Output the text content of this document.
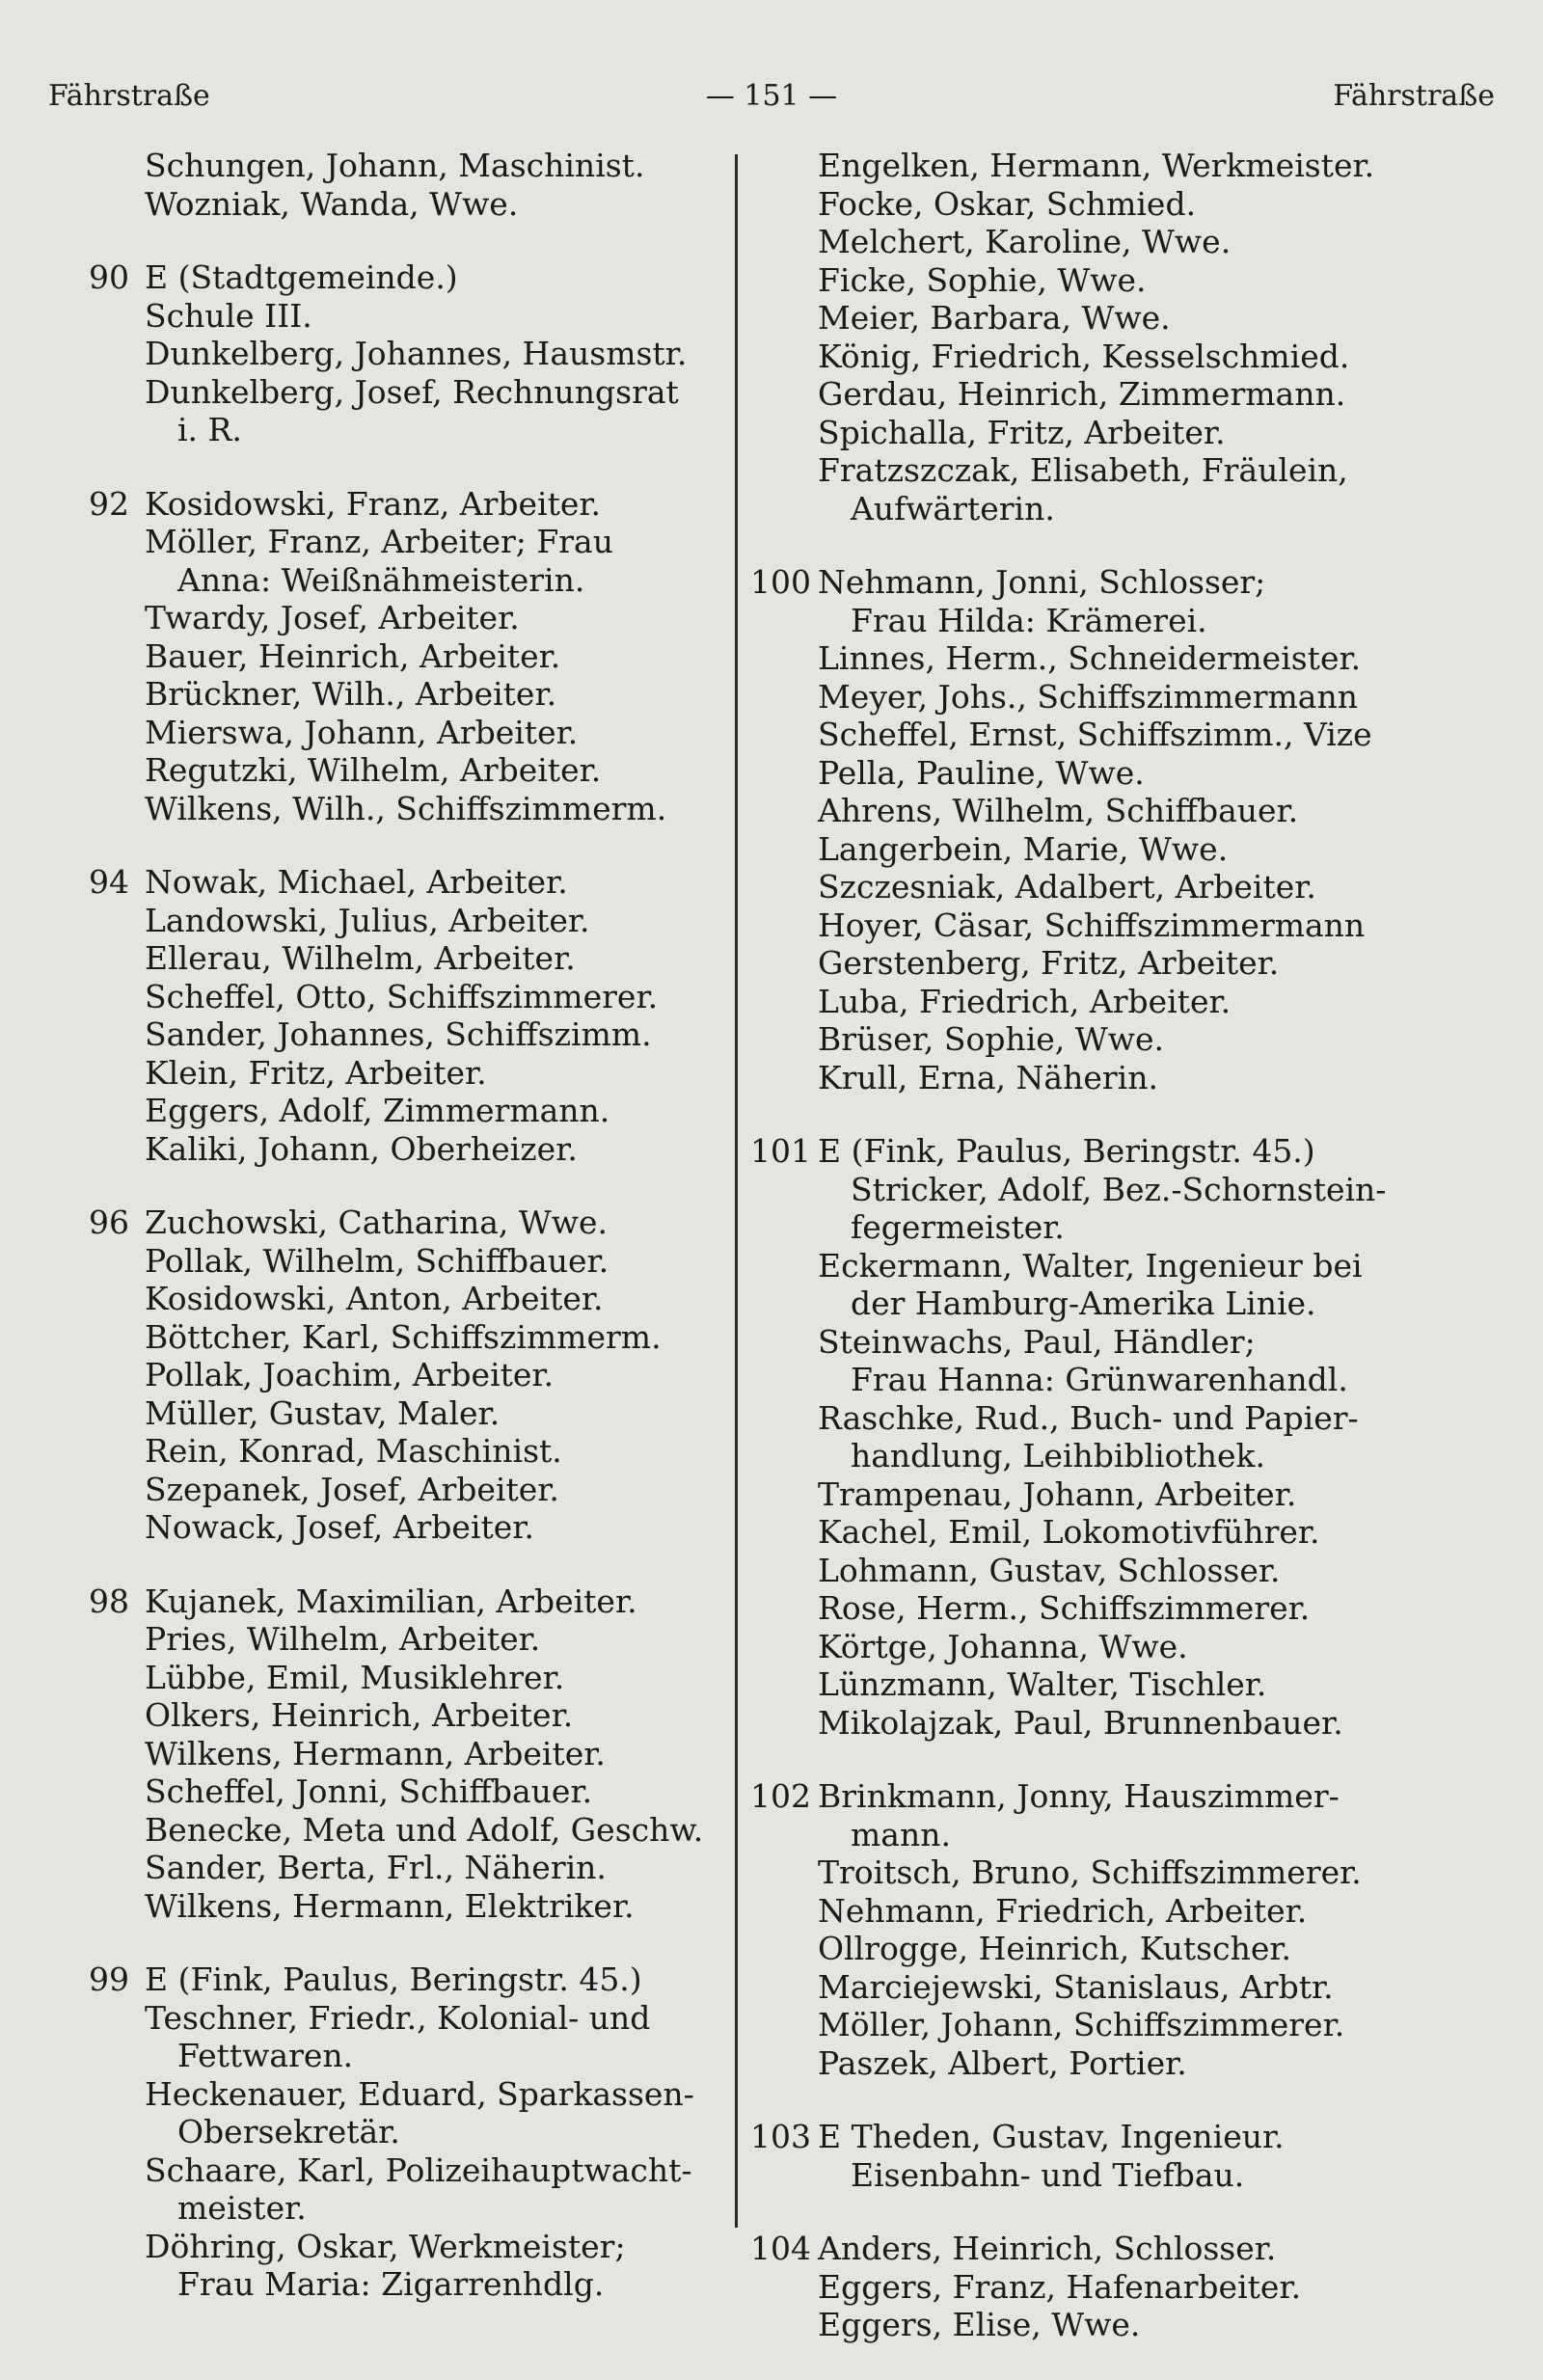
Fährstraße	— 151 —	Fährstraße
Schungen, Johann, Maschinist.
Wozniak, Wanda, Wwe.
90 E (Stadtgemeinde.)
Schule III.
Dunkelberg, Johannes, Hausmstr.
Dunkelberg, Josef, Rechnungsrat
i. R.
92 Kosidowski, Franz, Arbeiter.
Möller, Franz, Arbeiter; Frau
Anna: Weißnähmeisterin.
Twardy, Josef, Arbeiter.
Bauer, Heinrich, Arbeiter.
Brückner, Wilh., Arbeiter.
Mierswa, Johann, Arbeiter.
Regutzki, Wilhelm, Arbeiter.
Wilkens, Wilh., Schiffszimmerm.
94 Nowak, Michael, Arbeiter.
Landowski, Julius, Arbeiter.
Ellerau, Wilhelm, Arbeiter.
Scheffel, Otto, Schiffszimmerer.
Sander, Johannes, Schiffszimm.
Klein, Fritz, Arbeiter.
Eggers, Adolf, Zimmermann.
Kaliki, Johann, Oberheizer.
96 Zuchowski, Catharina, Wwe.
Pollak, Wilhelm, Schiffbauer.
Kosidowski, Anton, Arbeiter.
Böttcher, Karl, Schiffszimmerm.
Pollak, Joachim, Arbeiter.
Müller, Gustav, Maler.
Rein, Konrad, Maschinist.
Szepanek, Josef, Arbeiter.
Nowack, Josef, Arbeiter.
98 Kujanek, Maximilian, Arbeiter.
Pries, Wilhelm, Arbeiter.
Lübbe, Emil, Musiklehrer.
Olkers, Heinrich, Arbeiter.
Wilkens, Hermann, Arbeiter.
Scheffel, Jonni, Schiffbauer.
Benecke, Meta und Adolf, Geschw.
Sander, Berta, Frl., Näherin.
Wilkens, Hermann, Elektriker.
99 E (Fink, Paulus, Beringstr. 45.)
Teschner, Friedr., Kolonial- und
Fettwaren.
Heckenauer, Eduard, Sparkassen-
Obersekretär.
Schaare, Karl, Polizeihauptwacht-
meister.
Döhring, Oskar, Werkmeister;
Frau Maria: Zigarrenhdlg.
Engelken, Hermann, Werkmeister.
Focke, Oskar, Schmied.
Melchert, Karoline, Wwe.
Ficke, Sophie, Wwe.
Meier, Barbara, Wwe.
König, Friedrich, Kesselschmied.
Gerdau, Heinrich, Zimmermann.
Spichalla, Fritz, Arbeiter.
Fratzszczak, Elisabeth, Fräulein,
Aufwärterin.
100 Nehmann, Jonni, Schlosser;
Frau Hilda: Krämerei.
Linnes, Herm., Schneidermeister.
Meyer, Johs., Schiffszimmermann
Scheffel, Ernst, Schiffszimm., Vize
Pella, Pauline, Wwe.
Ahrens, Wilhelm, Schiffbauer.
Langerbein, Marie, Wwe.
Szczesniak, Adalbert, Arbeiter.
Hoyer, Cäsar, Schiffszimmermann
Gerstenberg, Fritz, Arbeiter.
Luba, Friedrich, Arbeiter.
Brüser, Sophie, Wwe.
Krull, Erna, Näherin.
101 E (Fink, Paulus, Beringstr. 45.)
Stricker, Adolf, Bez.-Schornstein-
fegermeister.
Eckermann, Walter, Ingenieur bei
der Hamburg-Amerika Linie.
Steinwachs, Paul, Händler;
Frau Hanna: Grünwarenhandl.
Raschke, Rud., Buch- und Papier-
handlung, Leihbibliothek.
Trampenau, Johann, Arbeiter.
Kachel, Emil, Lokomotivführer.
Lohmann, Gustav, Schlosser.
Rose, Herm., Schiffszimmerer.
Körtge, Johanna, Wwe.
Lünzmann, Walter, Tischler.
Mikolajzak, Paul, Brunnenbauer.
102 Brinkmann, Jonny, Hauszimmer-
mann.
Troitsch, Bruno, Schiffszimmerer.
Nehmann, Friedrich, Arbeiter.
Ollrogge, Heinrich, Kutscher.
Marciejewski, Stanislaus, Arbtr.
Möller, Johann, Schiffszimmerer.
Paszek, Albert, Portier.
103 E Theden, Gustav, Ingenieur.
Eisenbahn- und Tiefbau.
104 Anders, Heinrich, Schlosser.
Eggers, Franz, Hafenarbeiter.
Eggers, Elise, Wwe.
